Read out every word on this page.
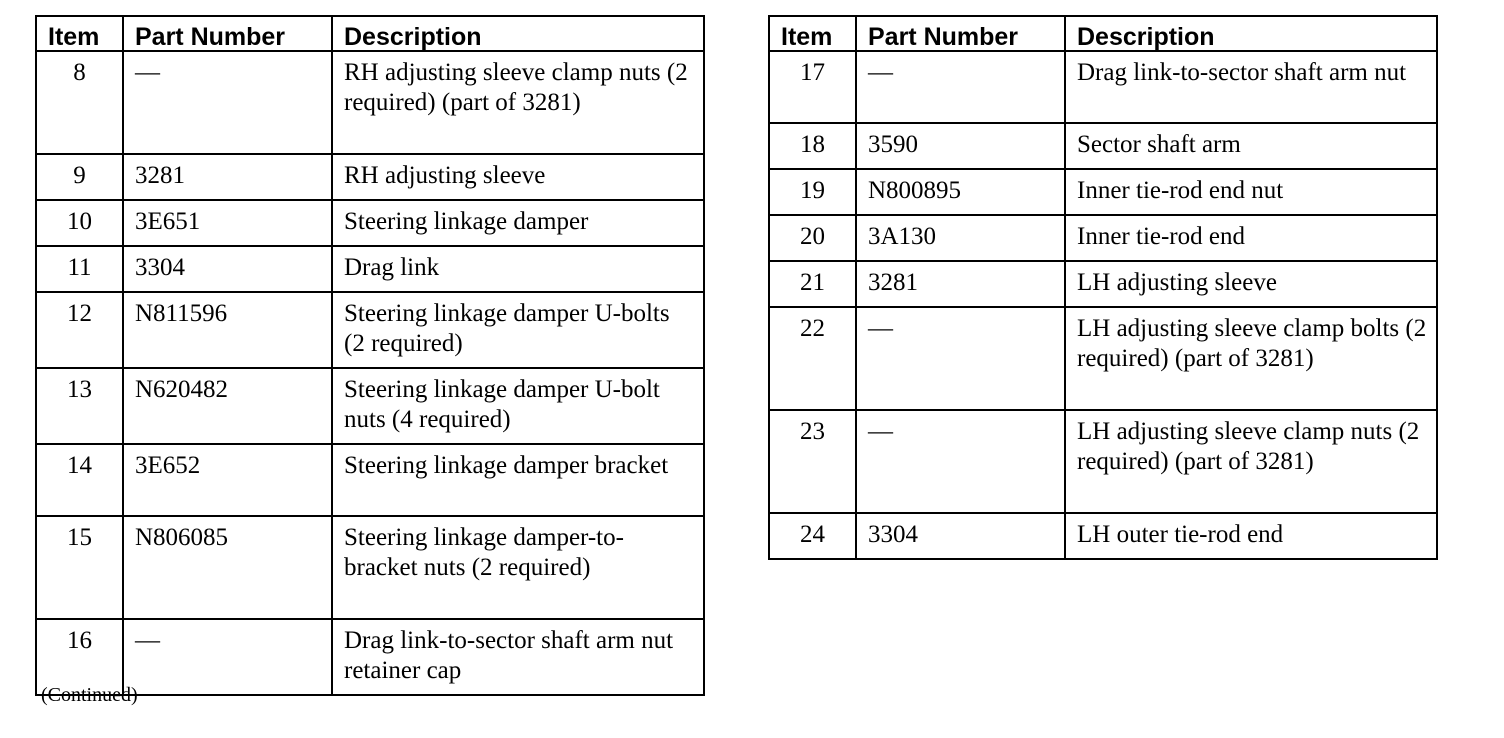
Item	Part Number	Description
8	—	RH adjusting sleeve clamp nuts (2 required) (part of 3281)
9	3281	RH adjusting sleeve
10	3E651	Steering linkage damper
11	3304	Drag link
12	N811596	Steering linkage damper U-bolts (2 required)
13	N620482	Steering linkage damper U-bolt nuts (4 required)
14	3E652	Steering linkage damper bracket
15	N806085	Steering linkage damper-to-bracket nuts (2 required)
16	—	Drag link-to-sector shaft arm nut retainer cap
Item	Part Number	Description
17	—	Drag link-to-sector shaft arm nut
18	3590	Sector shaft arm
19	N800895	Inner tie-rod end nut
20	3A130	Inner tie-rod end
21	3281	LH adjusting sleeve
22	—	LH adjusting sleeve clamp bolts (2 required) (part of 3281)
23	—	LH adjusting sleeve clamp nuts (2 required) (part of 3281)
24	3304	LH outer tie-rod end
(Continued)
